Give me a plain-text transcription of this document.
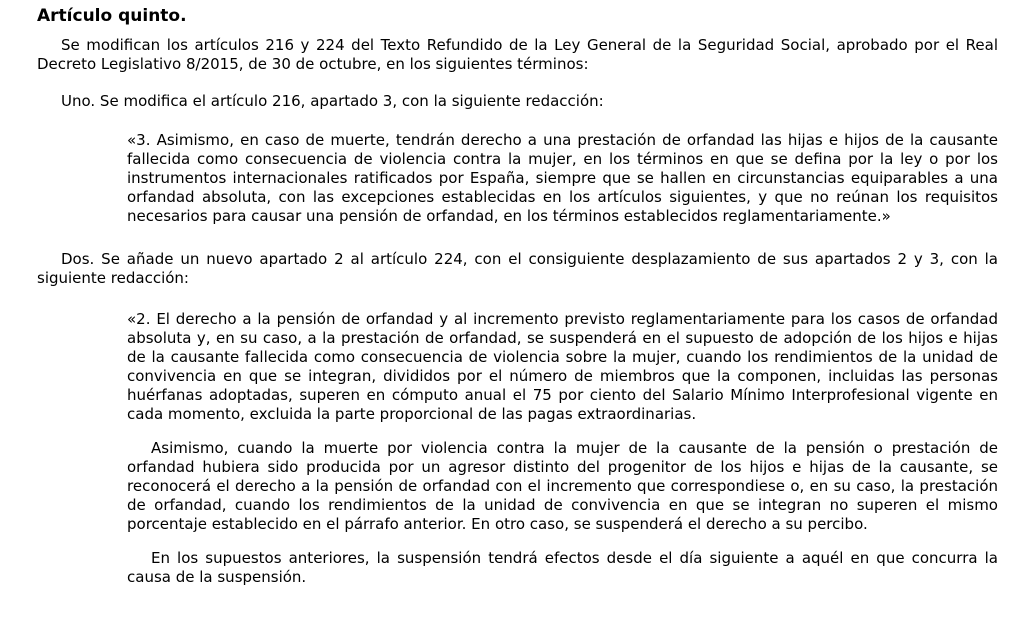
Artículo quinto.

Se modifican los artículos 216 y 224 del Texto Refundido de la Ley General de la Seguridad Social, aprobado por el Real Decreto Legislativo 8/2015, de 30 de octubre, en los siguientes términos:

Uno. Se modifica el artículo 216, apartado 3, con la siguiente redacción:

«3. Asimismo, en caso de muerte, tendrán derecho a una prestación de orfandad las hijas e hijos de la causante fallecida como consecuencia de violencia contra la mujer, en los términos en que se defina por la ley o por los instrumentos internacionales ratificados por España, siempre que se hallen en circunstancias equiparables a una orfandad absoluta, con las excepciones establecidas en los artículos siguientes, y que no reúnan los requisitos necesarios para causar una pensión de orfandad, en los términos establecidos reglamentariamente.»

Dos. Se añade un nuevo apartado 2 al artículo 224, con el consiguiente desplazamiento de sus apartados 2 y 3, con la siguiente redacción:

«2. El derecho a la pensión de orfandad y al incremento previsto reglamentariamente para los casos de orfandad absoluta y, en su caso, a la prestación de orfandad, se suspenderá en el supuesto de adopción de los hijos e hijas de la causante fallecida como consecuencia de violencia sobre la mujer, cuando los rendimientos de la unidad de convivencia en que se integran, divididos por el número de miembros que la componen, incluidas las personas huérfanas adoptadas, superen en cómputo anual el 75 por ciento del Salario Mínimo Interprofesional vigente en cada momento, excluida la parte proporcional de las pagas extraordinarias.

Asimismo, cuando la muerte por violencia contra la mujer de la causante de la pensión o prestación de orfandad hubiera sido producida por un agresor distinto del progenitor de los hijos e hijas de la causante, se reconocerá el derecho a la pensión de orfandad con el incremento que correspondiese o, en su caso, la prestación de orfandad, cuando los rendimientos de la unidad de convivencia en que se integran no superen el mismo porcentaje establecido en el párrafo anterior. En otro caso, se suspenderá el derecho a su percibo.

En los supuestos anteriores, la suspensión tendrá efectos desde el día siguiente a aquél en que concurra la causa de la suspensión.
